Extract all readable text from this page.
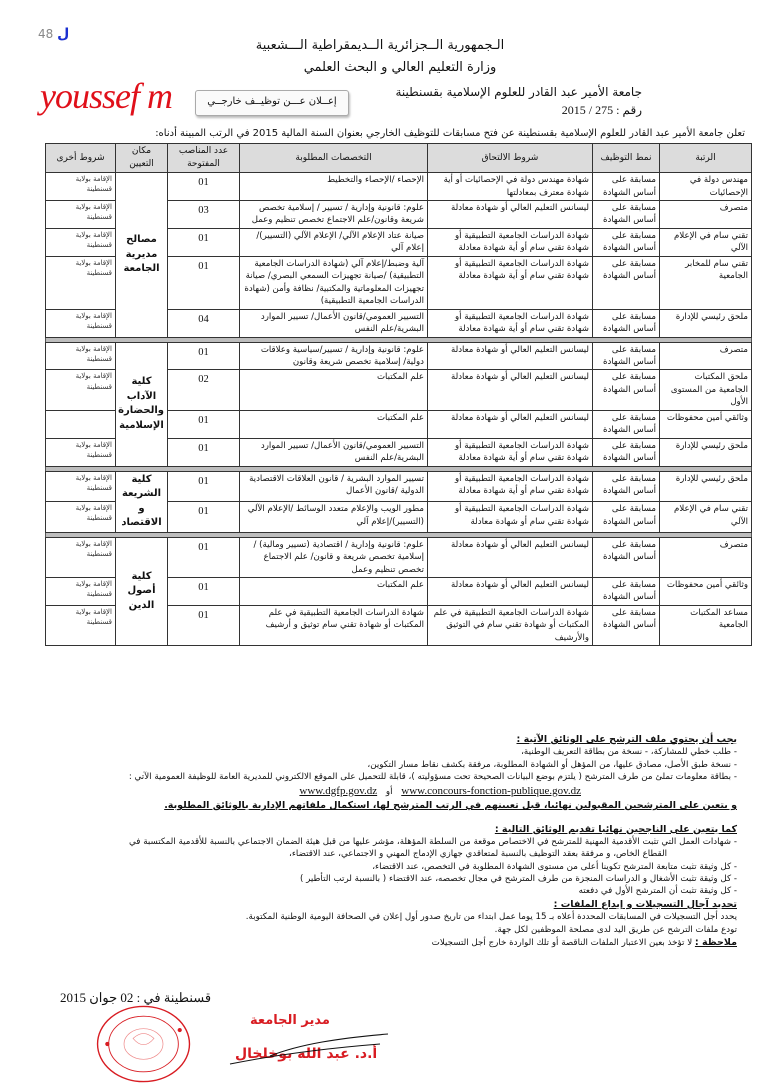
48 ل
الـجمهورية الــجزائرية الــديمقراطية الـــشعبية
وزارة التعليم العالي و البحث العلمي
جامعة الأمير عبد القادر للعلوم الإسلامية بقسنطينة
رقم : 275 / 2015
youssef m	إعــلان عـــن توظيــف خارجــي
تعلن جامعة الأمير عبد القادر للعلوم الإسلامية بقسنطينة عن فتح مسابقات للتوظيف الخارجي بعنوان السنة المالية 2015 في الرتب المبينة أدناه:
الرتبة	نمط التوظيف	شروط الالتحاق	التخصصات المطلوبة	عدد المناصب المفتوحة	مكان التعيين	شروط أخرى
مهندس دولة في الإحصائيات	مسابقة على أساس الشهادة	شهادة مهندس دولة في الإحصائيات أو أية شهادة معترف بمعادلتها	الإحصاء /الإحصاء والتخطيط	01	مصالح مديرية الجامعة	الإقامة بولاية قسنطينة
متصرف	مسابقة على أساس الشهادة	ليسانس التعليم العالي أو شهادة معادلة	علوم: قانونية وإدارية / تسيير / إسلامية تخصص شريعة وقانون/علم الاجتماع تخصص تنظيم وعمل	03		الإقامة بولاية قسنطينة
تقني سام في الإعلام الآلي	مسابقة على أساس الشهادة	شهادة الدراسات الجامعية التطبيقية أو شهادة تقني سام أو أية شهادة معادلة	صيانة عتاد الإعلام الآلي/ الإعلام الآلي (التسيير)/ إعلام آلي	01		الإقامة بولاية قسنطينة
تقني سام للمخابر الجامعية	مسابقة على أساس الشهادة	شهادة الدراسات الجامعية التطبيقية أو شهادة تقني سام أو أية شهادة معادلة	آلية وضبط/إعلام آلي (شهادة الدراسات الجامعية التطبيقية) /صيانة تجهيزات السمعي البصري/ صيانة تجهيزات المعلوماتية والمكتبية/ نظافة وأمن (شهادة الدراسات الجامعية التطبيقية)	01		الإقامة بولاية قسنطينة
ملحق رئيسي للإدارة	مسابقة على أساس الشهادة	شهادة الدراسات الجامعية التطبيقية أو شهادة تقني سام أو أية شهادة معادلة	التسيير العمومي/قانون الأعمال/ تسيير الموارد البشرية/علم النفس	04		الإقامة بولاية قسنطينة

متصرف	مسابقة على أساس الشهادة	ليسانس التعليم العالي أو شهادة معادلة	علوم: قانونية وإدارية / تسيير/سياسية وعلاقات دولية/ إسلامية تخصص شريعة وقانون	01	كلية الآداب والحضارة الإسلامية	الإقامة بولاية قسنطينة
ملحق المكتبات الجامعية من المستوى الأول	مسابقة على أساس الشهادة	ليسانس التعليم العالي أو شهادة معادلة	علم المكتبات	02		الإقامة بولاية قسنطينة
وثائقي أمين محفوظات	مسابقة على أساس الشهادة	ليسانس التعليم العالي أو شهادة معادلة	علم المكتبات	01		
ملحق رئيسي للإدارة	مسابقة على أساس الشهادة	شهادة الدراسات الجامعية التطبيقية أو شهادة تقني سام أو أية شهادة معادلة	التسيير العمومي/قانون الأعمال/ تسيير الموارد البشرية/علم النفس	01		الإقامة بولاية قسنطينة

ملحق رئيسي للإدارة	مسابقة على أساس الشهادة	شهادة الدراسات الجامعية التطبيقية أو شهادة تقني سام أو أية شهادة معادلة	تسيير الموارد البشرية / قانون العلاقات الاقتصادية الدولية /قانون الأعمال	01	كلية الشريعة و الاقتصاد	الإقامة بولاية قسنطينة
تقني سام في الإعلام الآلي	مسابقة على أساس الشهادة	شهادة الدراسات الجامعية التطبيقية أو شهادة تقني سام أو شهادة معادلة	مطور الويب والإعلام متعدد الوسائط /الإعلام الآلي (التسيير)/إعلام آلي	01		الإقامة بولاية قسنطينة

متصرف	مسابقة على أساس الشهادة	ليسانس التعليم العالي أو شهادة معادلة	علوم: قانونية وإدارية / اقتصادية (تسيير ومالية) / إسلامية تخصص شريعة و قانون/ علم الاجتماع تخصص تنظيم وعمل	01	كلية أصول الدين	الإقامة بولاية قسنطينة
وثائقي أمين محفوظات	مسابقة على أساس الشهادة	ليسانس التعليم العالي أو شهادة معادلة	علم المكتبات	01		الإقامة بولاية قسنطينة
مساعد المكتبات الجامعية	مسابقة على أساس الشهادة	شهادة الدراسات الجامعية التطبيقية في علم المكتبات أو شهادة تقني سام في التوثيق والأرشيف	شهادة الدراسات الجامعية التطبيقية في علم المكتبات أو شهادة تقني سام توثيق و أرشيف	01		الإقامة بولاية قسنطينة
يجب أن يحتوي ملف الترشح على الوثائق الآتية :
- طلب خطي للمشاركة، - نسخة من بطاقة التعريف الوطنية،
- نسخة طبق الأصل، مصادق عليها، من المؤهل أو الشهادة المطلوبة، مرفقة بكشف نقاط مسار التكوين،
- بطاقة معلومات تملئ من طرف المترشح ( يلتزم بوضع البيانات الصحيحة تحت مسؤوليته )، قابلة للتحميل على الموقع الالكتروني للمديرية العامة للوظيفة العمومية الآتي :
www.concours-fonction-publique.gov.dz أو www.dgfp.gov.dz
و يتعين على المترشحين المقبولين نهائيا، قبل تعيينهم في الرتب المترشح لها، استكمال ملفاتهم الإدارية بالوثائق المطلوبة.
كما يتعين على الناجحين نهائيا تقديم الوثائق التالية :
- شهادات العمل التي تثبت الأقدمية المهنية للمترشح في الاختصاص موقعة من السلطة المؤهلة، مؤشر عليها من قبل هيئة الضمان الاجتماعي بالنسبة للأقدمية المكتسبة في
القطاع الخاص، و مرفقة بعقد التوظيف بالنسبة لمتعاقدي جهازي الإدماج المهني و الاجتماعي، عند الاقتضاء،
- كل وثيقة تثبت متابعة المترشح تكوينا أعلى من مستوى الشهادة المطلوبة في التخصص، عند الاقتضاء،
- كل وثيقة تثبت الأشغال و الدراسات المنجزة من طرف المترشح في مجال تخصصه، عند الاقتضاء ( بالنسبة لرتب التأطير )
- كل وثيقة تثبت أن المترشح الأول في دفعته
تحديد آجال التسجيلات و إيداع الملفات :
يحدد أجل التسجيلات في المسابقات المحددة أعلاه بـ 15 يوما عمل ابتداء من تاريخ صدور أول إعلان في الصحافة اليومية الوطنية المكتوبة.
تودع ملفات الترشح عن طريق اليد لدى مصلحة الموظفين لكل جهة.
ملاحظة : لا تؤخذ بعين الاعتبار الملفات الناقصة أو تلك الواردة خارج أجل التسجيلات
قسنطينة في : 02 جوان 2015
مدير الجامعة
أ.د. عبد الله بوخلخال
